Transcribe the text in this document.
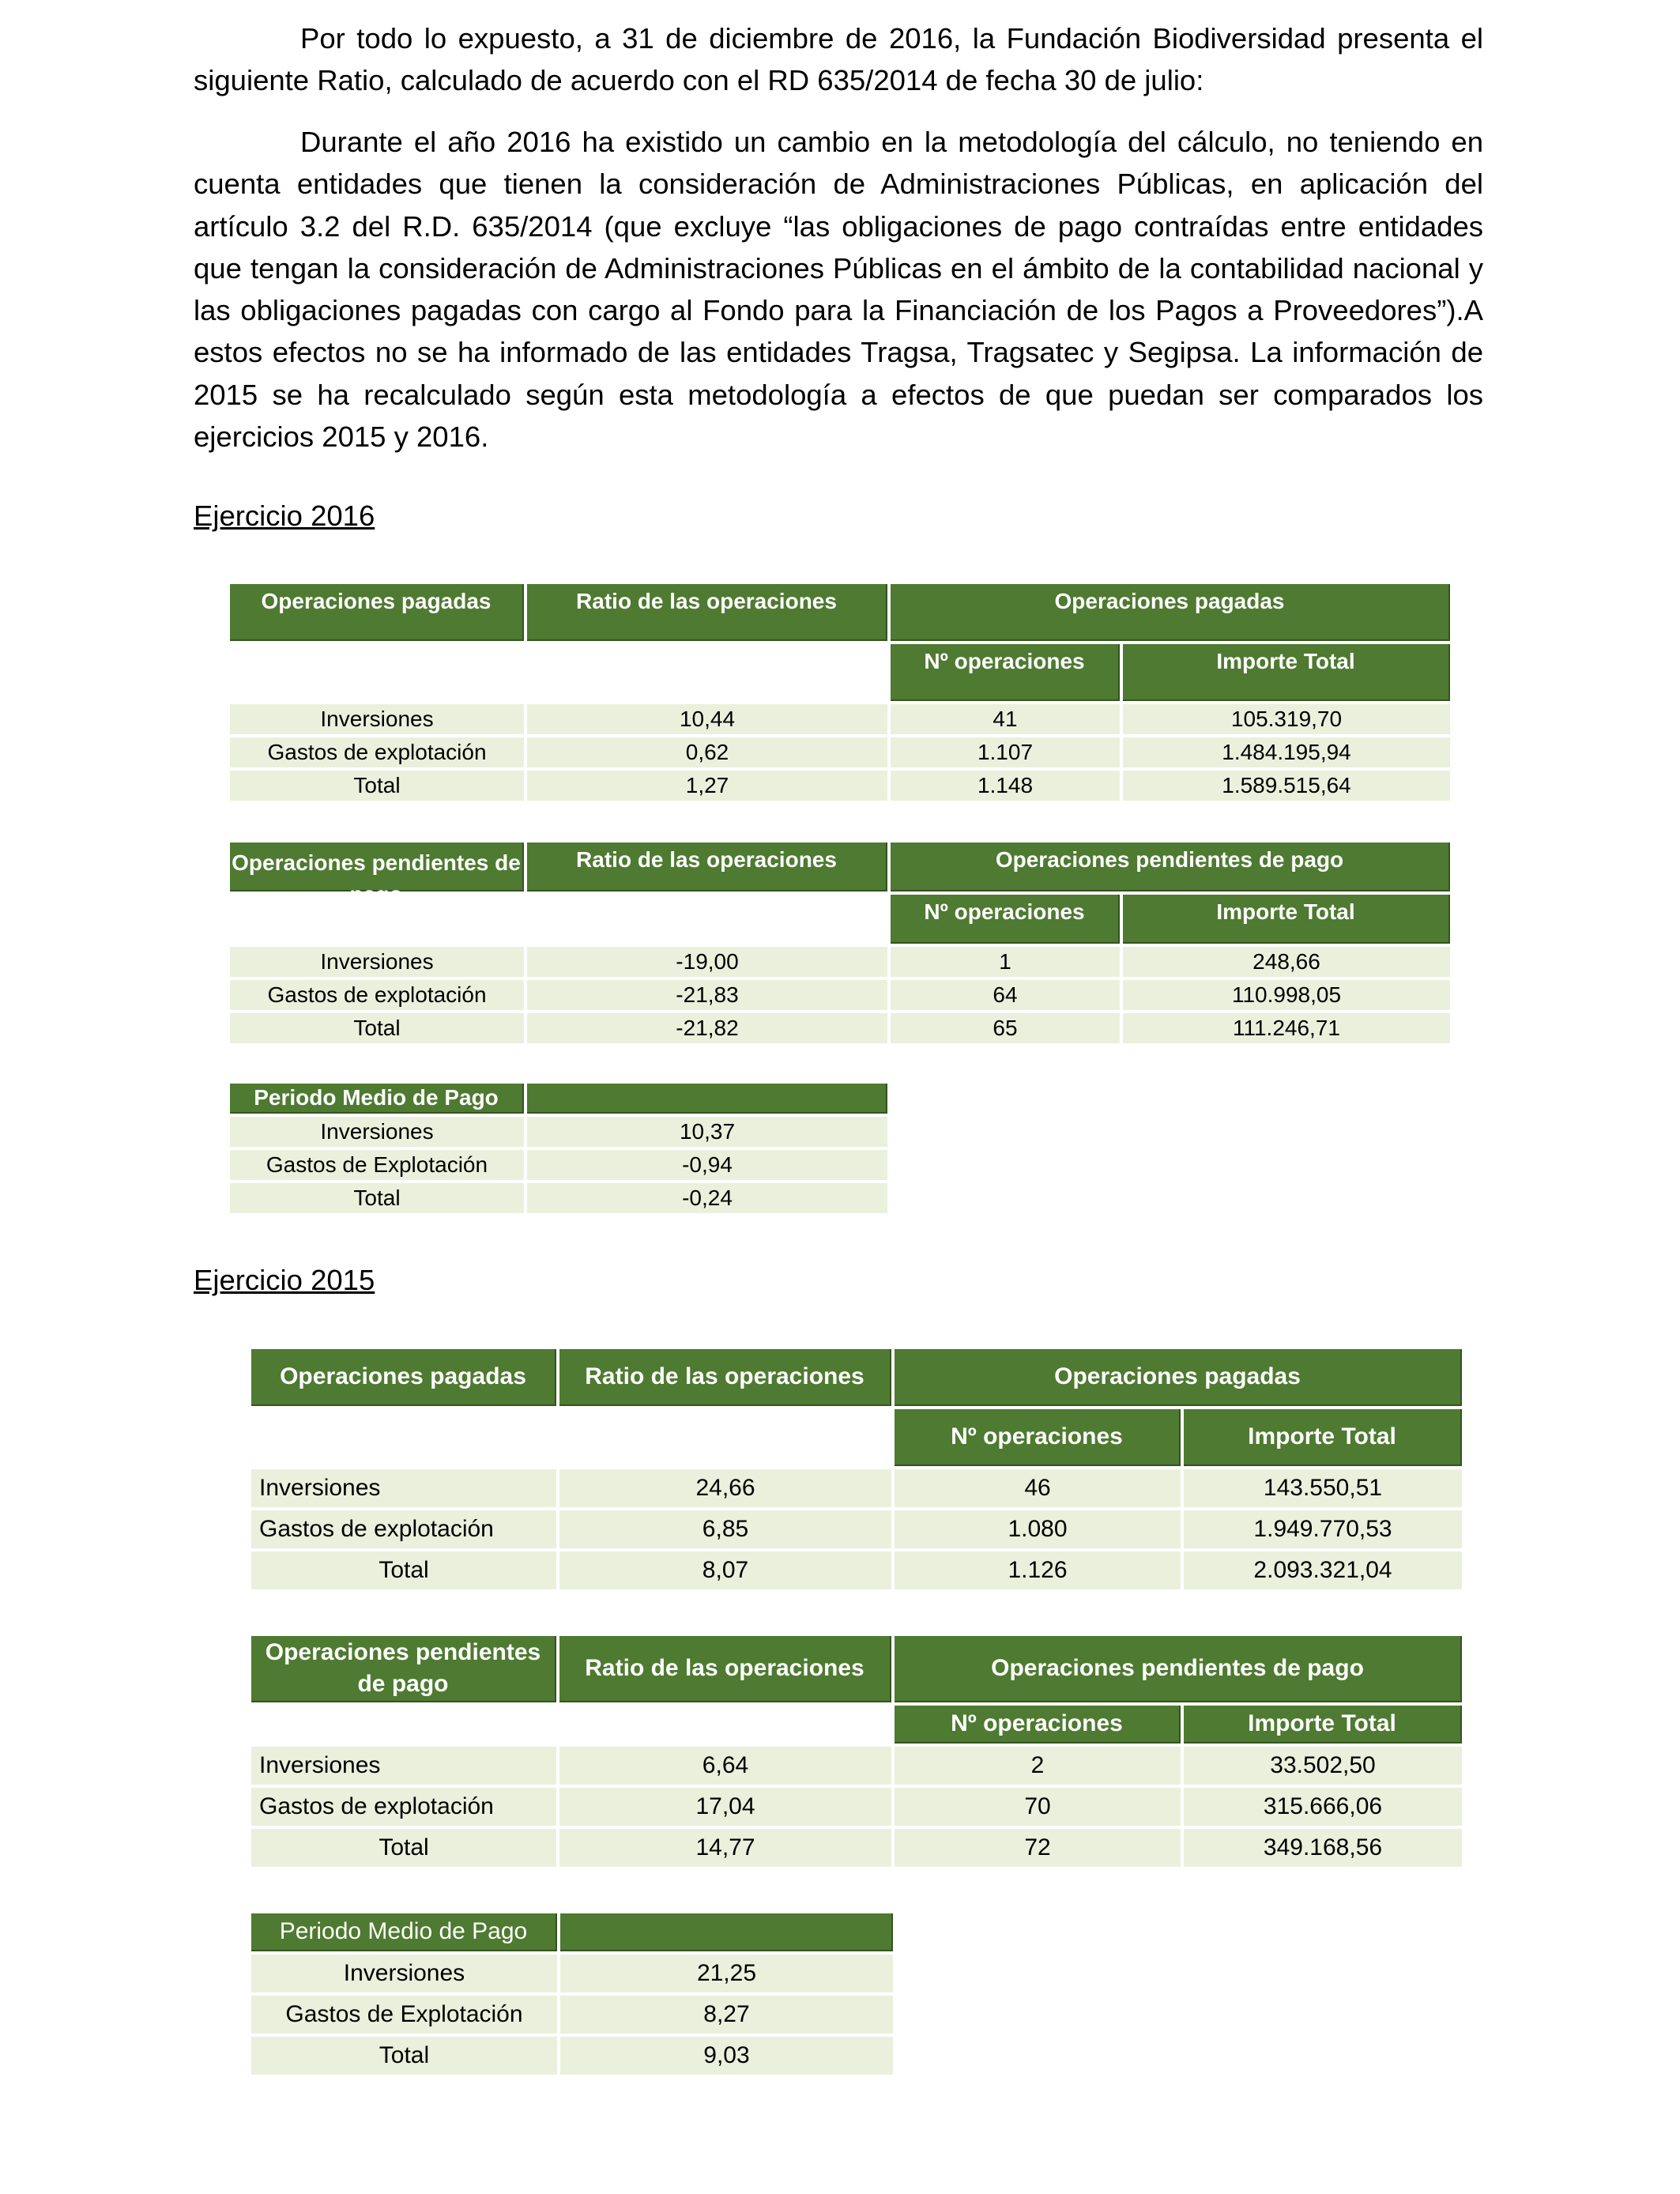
Por todo lo expuesto, a 31 de diciembre de 2016, la Fundación Biodiversidad presenta el siguiente Ratio, calculado de acuerdo con el RD 635/2014 de fecha 30 de julio:

Durante el año 2016 ha existido un cambio en la metodología del cálculo, no teniendo en cuenta entidades que tienen la consideración de Administraciones Públicas, en aplicación del artículo 3.2 del R.D. 635/2014 (que excluye “las obligaciones de pago contraídas entre entidades que tengan la consideración de Administraciones Públicas en el ámbito de la contabilidad nacional y las obligaciones pagadas con cargo al Fondo para la Financiación de los Pagos a Proveedores”).A estos efectos no se ha informado de las entidades Tragsa, Tragsatec y Segipsa. La información de 2015 se ha recalculado según esta metodología a efectos de que puedan ser comparados los ejercicios 2015 y 2016.

Ejercicio 2016

Operaciones pagadas	Ratio de las operaciones	Operaciones pagadas	
		Nº operaciones	Importe Total
Inversiones	10,44	41	105.319,70
Gastos de explotación	0,62	1.107	1.484.195,94
Total	1,27	1.148	1.589.515,64
Operaciones pendientes de pago	Ratio de las operaciones	Operaciones pendientes de pago	
		Nº operaciones	Importe Total
Inversiones	-19,00	1	248,66
Gastos de explotación	-21,83	64	110.998,05
Total	-21,82	65	111.246,71
Periodo Medio de Pago	
Inversiones	10,37
Gastos de Explotación	-0,94
Total	-0,24

Ejercicio 2015

Operaciones pagadas	Ratio de las operaciones	Operaciones pagadas	
		Nº operaciones	Importe Total
Inversiones	24,66	46	143.550,51
Gastos de explotación	6,85	1.080	1.949.770,53
Total	8,07	1.126	2.093.321,04
Operaciones pendientes de pago	Ratio de las operaciones	Operaciones pendientes de pago	
		Nº operaciones	Importe Total
Inversiones	6,64	2	33.502,50
Gastos de explotación	17,04	70	315.666,06
Total	14,77	72	349.168,56
Periodo Medio de Pago	
Inversiones	21,25
Gastos de Explotación	8,27
Total	9,03
